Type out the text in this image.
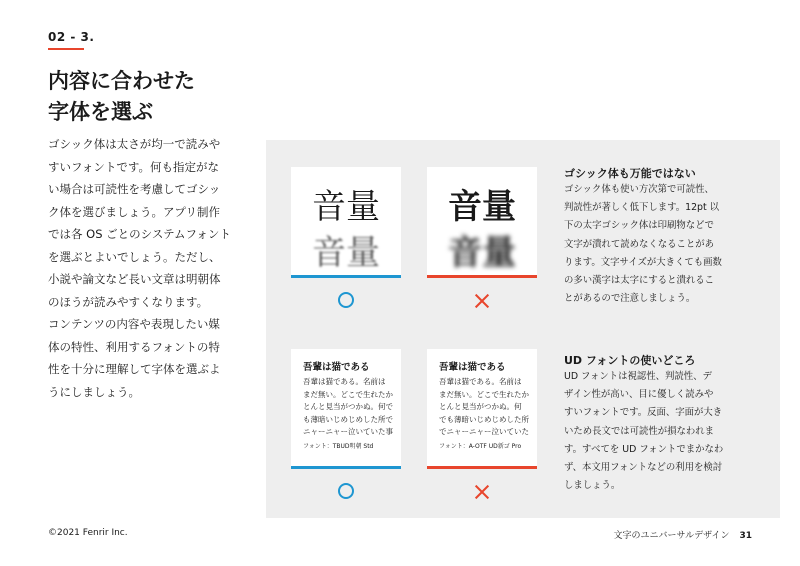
02 - 3.
内容に合わせた
字体を選ぶ
ゴシック体は太さが均一で読みや
すいフォントです。何も指定がな
い場合は可読性を考慮してゴシッ
ク体を選びましょう。アプリ制作
では各 OS ごとのシステムフォント
を選ぶとよいでしょう。ただし、
小説や論文など長い文章は明朝体
のほうが読みやすくなります。
コンテンツの内容や表現したい媒
体の特性、利用するフォントの特
性を十分に理解して字体を選ぶよ
うにしましょう。
音量
音量
音量
音量
吾輩は猫である
吾輩は猫である。名前は
まだ無い。どこで生れたか
とんと見当がつかぬ。何で
も薄暗いじめじめした所で
ニャーニャー泣いていた事
フォント：TBUD明朝 Std
吾輩は猫である
吾輩は猫である。名前は
まだ無い。どこで生れたか
とんと見当がつかぬ。何
でも薄暗いじめじめした所
でニャーニャー泣いていた
フォント：A-OTF UD新ゴ Pro
ゴシック体も万能ではない
ゴシック体も使い方次第で可読性、
判読性が著しく低下します。12pt 以
下の太字ゴシック体は印刷物などで
文字が潰れて読めなくなることがあ
ります。文字サイズが大きくても画数
の多い漢字は太字にすると潰れるこ
とがあるので注意しましょう。
UD フォントの使いどころ
UD フォントは視認性、判読性、デ
ザイン性が高い、目に優しく読みや
すいフォントです。反面、字面が大き
いため長文では可読性が損なわれま
す。すべてを UD フォントでまかなわ
ず、本文用フォントなどの利用を検討
しましょう。
©2021 Fenrir Inc.	文字のユニバーサルデザイン 31
